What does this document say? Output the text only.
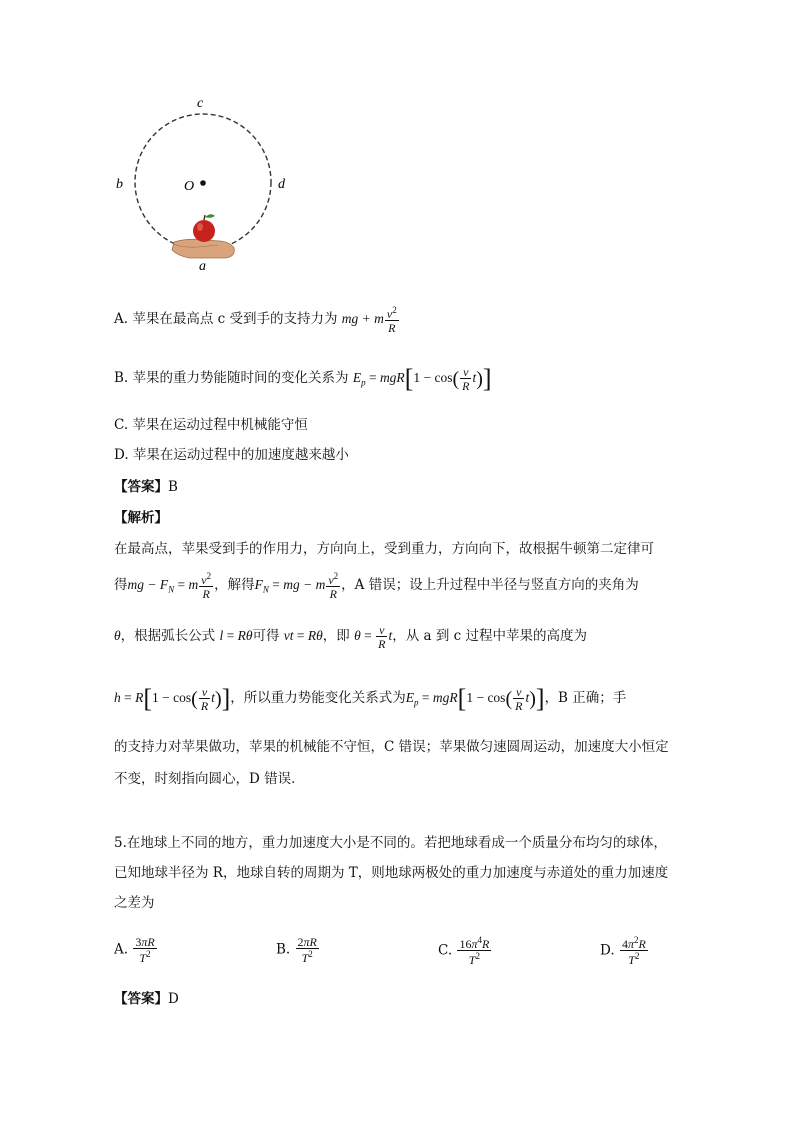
c
b	d
O
a
A. 苹果在最高点 c 受到手的支持力为 mg + m $\frac{v^2}{R}$
B. 苹果的重力势能随时间的变化关系为 $E_p = mgR[1 - \cos( \frac{v}{R} t)]$
C. 苹果在运动过程中机械能守恒
D. 苹果在运动过程中的加速度越来越小
【答案】B
【解析】
在最高点，苹果受到手的作用力，方向向上，受到重力，方向向下，故根据牛顿第二定律可
得mg − $F_N = m \frac{v^2}{R}$ ，解得$F_N$ = mg − m $\frac{v^2}{R}$ ，A 错误；设上升过程中半径与竖直方向的夹角为
θ，根据弧长公式 l = Rθ可得 vt = Rθ，即 $\theta = \frac{v}{R}$ t，从 a 到 c 过程中苹果的高度为
$h = R[1 - \cos( \frac{v}{R} t)]$，所以重力势能变化关系式为$E_p = mgR[1 - \cos( \frac{v}{R} t)]$，B 正确；手
的支持力对苹果做功，苹果的机械能不守恒，C 错误；苹果做匀速圆周运动，加速度大小恒定
不变，时刻指向圆心，D 错误．
5.在地球上不同的地方，重力加速度大小是不同的。若把地球看成一个质量分布均匀的球体，
已知地球半径为 R，地球自转的周期为 T，则地球两极处的重力加速度与赤道处的重力加速度
之差为
A. $\frac{3\pi R}{T^2}$	B. $\frac{2\pi R}{T^2}$	C. $\frac{16\pi^4R}{T^2}$	D. $\frac{4\pi^2R}{T^2}$
【答案】D
